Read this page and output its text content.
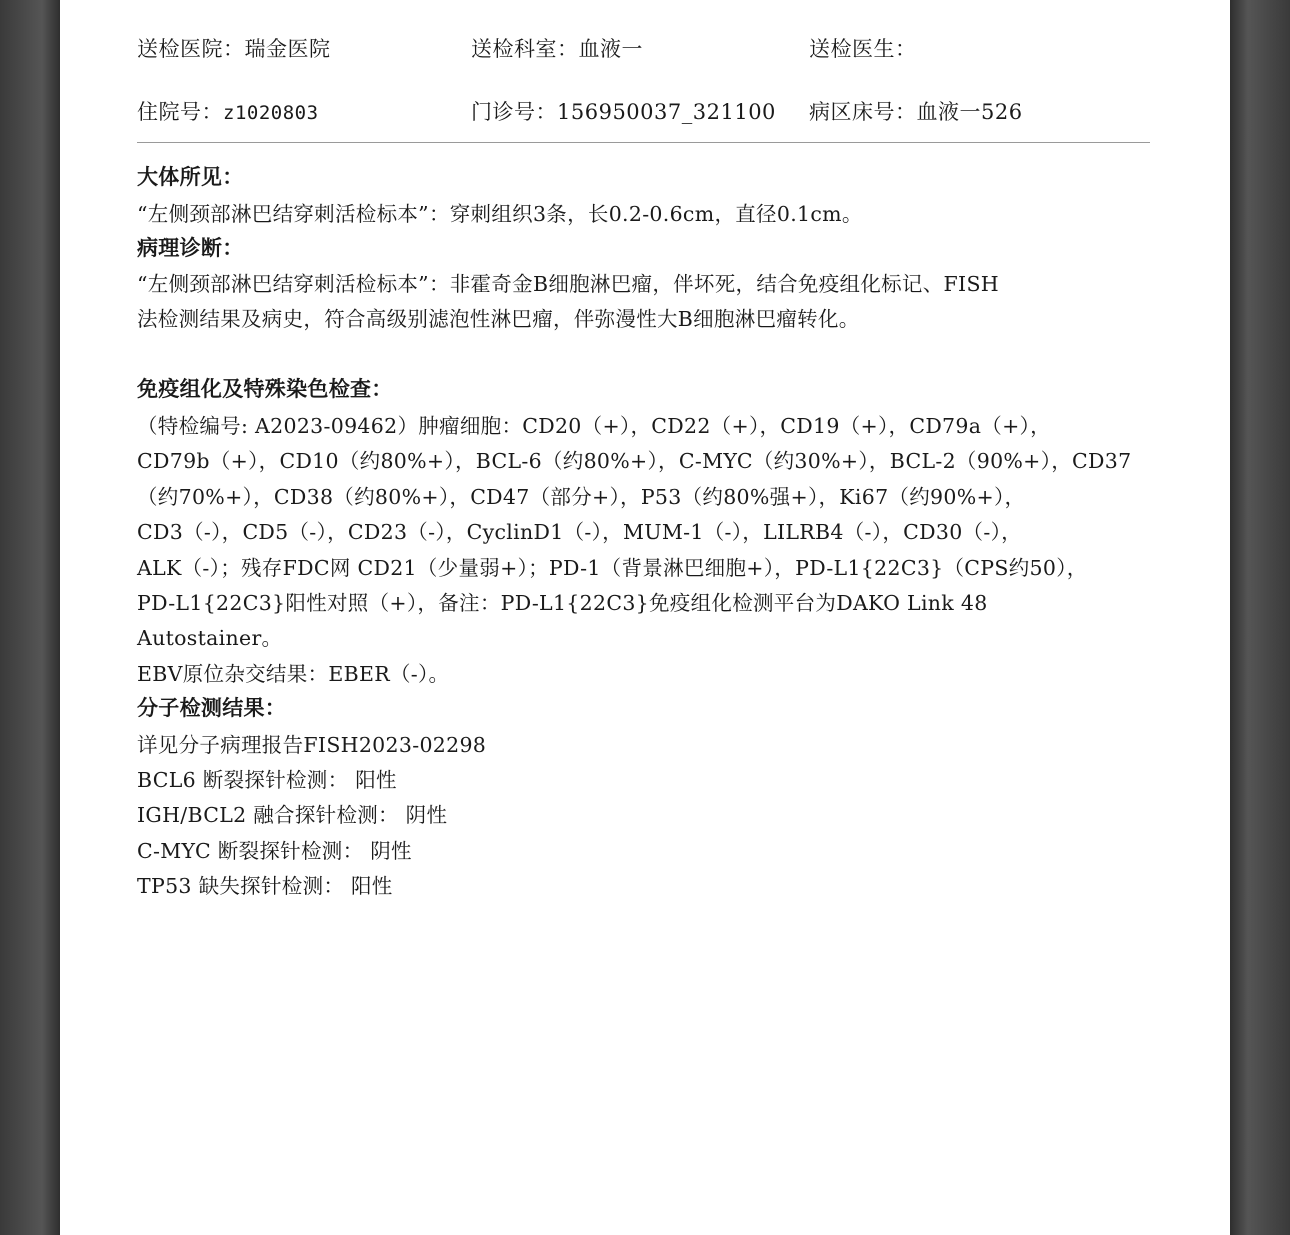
送检医院：瑞金医院	送检科室：血液一	送检医生：
住院号：z1020803	门诊号：156950037_321100 病区床号：血液一526
大体所见：
“左侧颈部淋巴结穿刺活检标本”：穿刺组织3条，长0.2-0.6cm，直径0.1cm。
病理诊断：
“左侧颈部淋巴结穿刺活检标本”：非霍奇金B细胞淋巴瘤，伴坏死，结合免疫组化标记、FISH
法检测结果及病史，符合高级别滤泡性淋巴瘤，伴弥漫性大B细胞淋巴瘤转化。
免疫组化及特殊染色检查：
（特检编号: A2023-09462）肿瘤细胞：CD20（+），CD22（+），CD19（+），CD79a（+），
CD79b（+），CD10（约80%+），BCL-6（约80%+），C-MYC（约30%+），BCL-2（90%+），CD37
（约70%+），CD38（约80%+），CD47（部分+），P53（约80%强+），Ki67（约90%+），
CD3（-），CD5（-），CD23（-），CyclinD1（-），MUM-1（-），LILRB4（-），CD30（-），
ALK（-）；残存FDC网 CD21（少量弱+）；PD-1（背景淋巴细胞+），PD-L1{22C3}（CPS约50），
PD-L1{22C3}阳性对照（+），备注：PD-L1{22C3}免疫组化检测平台为DAKO Link 48
Autostainer。
EBV原位杂交结果：EBER（-）。
分子检测结果：
详见分子病理报告FISH2023-02298
BCL6 断裂探针检测： 阳性
IGH/BCL2 融合探针检测： 阴性
C-MYC 断裂探针检测： 阴性
TP53 缺失探针检测： 阳性
